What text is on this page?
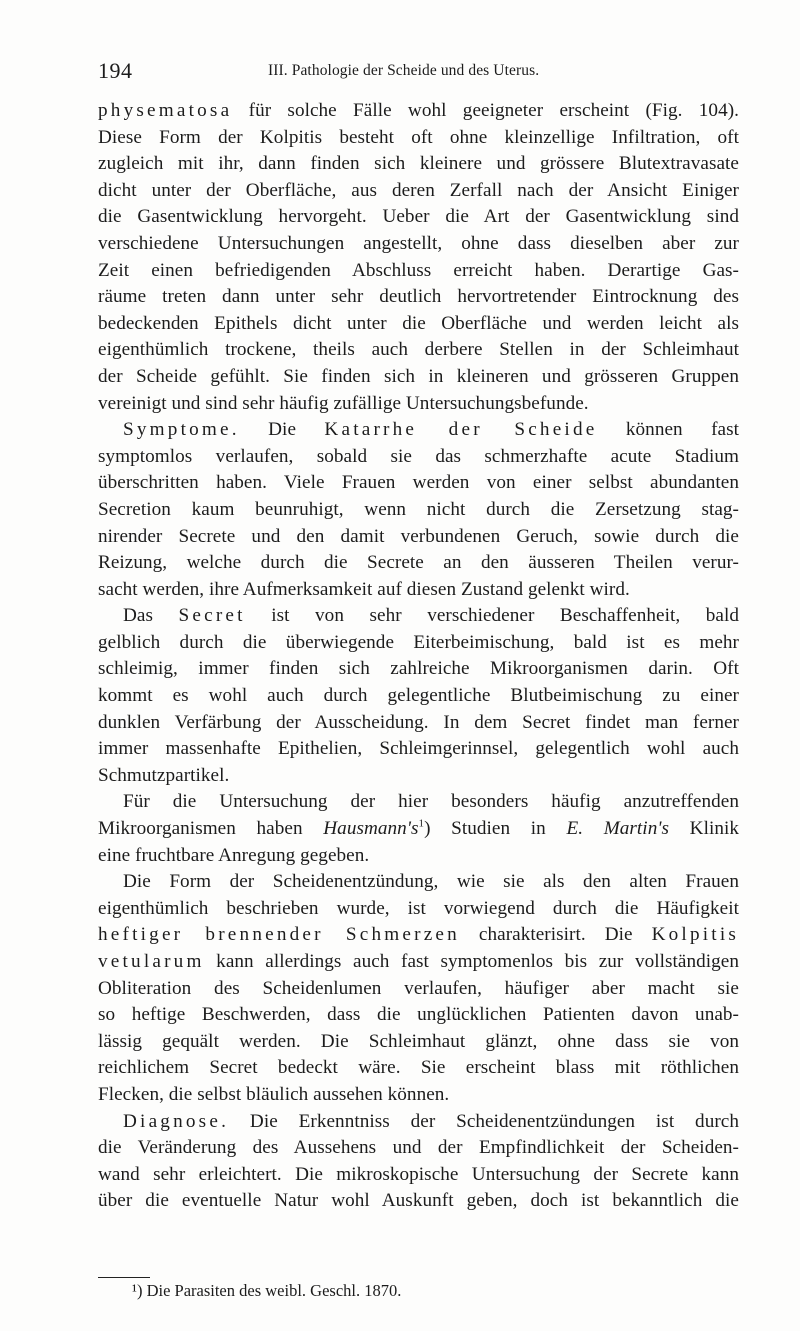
194	III. Pathologie der Scheide und des Uterus.
physematosa für solche Fälle wohl geeigneter erscheint (Fig. 104).
Diese Form der Kolpitis besteht oft ohne kleinzellige Infiltration, oft
zugleich mit ihr, dann finden sich kleinere und grössere Blutextravasate
dicht unter der Oberfläche, aus deren Zerfall nach der Ansicht Einiger
die Gasentwicklung hervorgeht. Ueber die Art der Gasentwicklung sind
verschiedene Untersuchungen angestellt, ohne dass dieselben aber zur
Zeit einen befriedigenden Abschluss erreicht haben. Derartige Gas-
räume treten dann unter sehr deutlich hervortretender Eintrocknung des
bedeckenden Epithels dicht unter die Oberfläche und werden leicht als
eigenthümlich trockene, theils auch derbere Stellen in der Schleimhaut
der Scheide gefühlt. Sie finden sich in kleineren und grösseren Gruppen
vereinigt und sind sehr häufig zufällige Untersuchungsbefunde.
Symptome. Die Katarrhe der Scheide können fast
symptomlos verlaufen, sobald sie das schmerzhafte acute Stadium
überschritten haben. Viele Frauen werden von einer selbst abundanten
Secretion kaum beunruhigt, wenn nicht durch die Zersetzung stag-
nirender Secrete und den damit verbundenen Geruch, sowie durch die
Reizung, welche durch die Secrete an den äusseren Theilen verur-
sacht werden, ihre Aufmerksamkeit auf diesen Zustand gelenkt wird.
Das Secret ist von sehr verschiedener Beschaffenheit, bald
gelblich durch die überwiegende Eiterbeimischung, bald ist es mehr
schleimig, immer finden sich zahlreiche Mikroorganismen darin. Oft
kommt es wohl auch durch gelegentliche Blutbeimischung zu einer
dunklen Verfärbung der Ausscheidung. In dem Secret findet man ferner
immer massenhafte Epithelien, Schleimgerinnsel, gelegentlich wohl auch
Schmutzpartikel.
Für die Untersuchung der hier besonders häufig anzutreffenden
Mikroorganismen haben $Hausmann's^1$) Studien in E. Martin's Klinik
eine fruchtbare Anregung gegeben.
Die Form der Scheidenentzündung, wie sie als den alten Frauen
eigenthümlich beschrieben wurde, ist vorwiegend durch die Häufigkeit
heftiger brennender Schmerzen charakterisirt. Die Kolpitis
vetularum kann allerdings auch fast symptomenlos bis zur vollständigen
Obliteration des Scheidenlumen verlaufen, häufiger aber macht sie
so heftige Beschwerden, dass die unglücklichen Patienten davon unab-
lässig gequält werden. Die Schleimhaut glänzt, ohne dass sie von
reichlichem Secret bedeckt wäre. Sie erscheint blass mit röthlichen
Flecken, die selbst bläulich aussehen können.
Diagnose. Die Erkenntniss der Scheidenentzündungen ist durch
die Veränderung des Aussehens und der Empfindlichkeit der Scheiden-
wand sehr erleichtert. Die mikroskopische Untersuchung der Secrete kann
über die eventuelle Natur wohl Auskunft geben, doch ist bekanntlich die
¹) Die Parasiten des weibl. Geschl. 1870.
